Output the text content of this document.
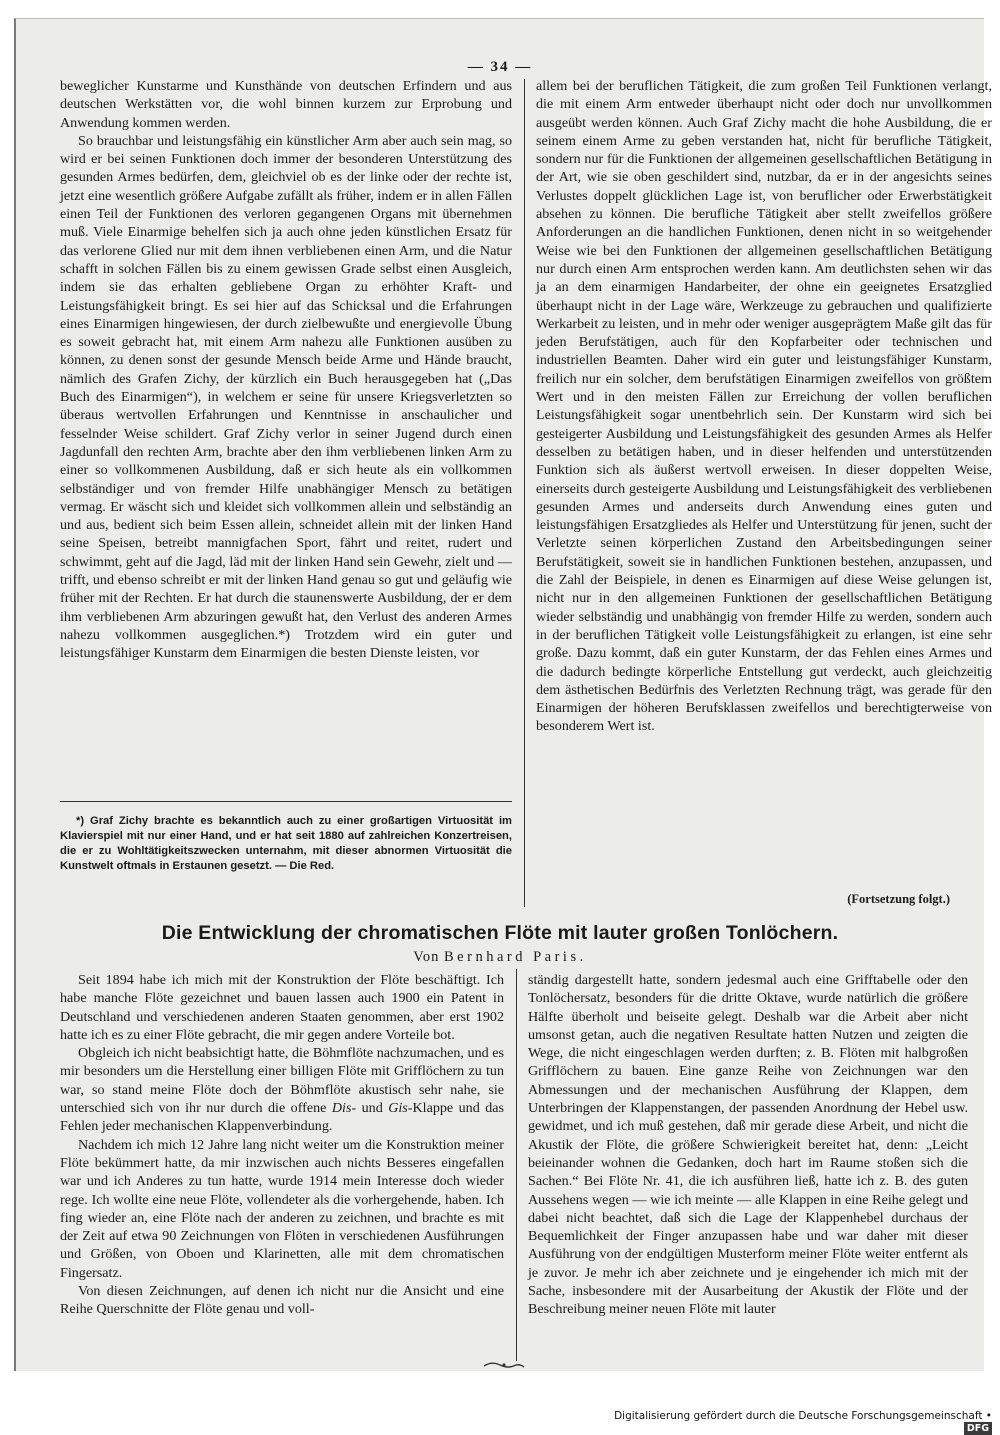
— 34 —

beweglicher Kunstarme und Kunsthände von deutschen Erfindern und aus deutschen Werkstätten vor, die wohl binnen kurzem zur Erprobung und Anwendung kommen werden.

So brauchbar und leistungsfähig ein künstlicher Arm aber auch sein mag, so wird er bei seinen Funktionen doch immer der besonderen Unterstützung des gesunden Armes bedürfen, dem, gleichviel ob es der linke oder der rechte ist, jetzt eine wesentlich größere Aufgabe zufällt als früher, indem er in allen Fällen einen Teil der Funktionen des verloren gegangenen Organs mit übernehmen muß. Viele Einarmige behelfen sich ja auch ohne jeden künstlichen Ersatz für das verlorene Glied nur mit dem ihnen verbliebenen einen Arm, und die Natur schafft in solchen Fällen bis zu einem gewissen Grade selbst einen Ausgleich, indem sie das erhalten gebliebene Organ zu erhöhter Kraft- und Leistungsfähigkeit bringt. Es sei hier auf das Schicksal und die Erfahrungen eines Einarmigen hingewiesen, der durch zielbewußte und energievolle Übung es soweit gebracht hat, mit einem Arm nahezu alle Funktionen ausüben zu können, zu denen sonst der gesunde Mensch beide Arme und Hände braucht, nämlich des Grafen Zichy, der kürzlich ein Buch herausgegeben hat („Das Buch des Einarmigen“), in welchem er seine für unsere Kriegsverletzten so überaus wertvollen Erfahrungen und Kenntnisse in anschaulicher und fesselnder Weise schildert. Graf Zichy verlor in seiner Jugend durch einen Jagdunfall den rechten Arm, brachte aber den ihm verbliebenen linken Arm zu einer so vollkommenen Ausbildung, daß er sich heute als ein vollkommen selbständiger und von fremder Hilfe unabhängiger Mensch zu betätigen vermag. Er wäscht sich und kleidet sich vollkommen allein und selbständig an und aus, bedient sich beim Essen allein, schneidet allein mit der linken Hand seine Speisen, betreibt mannigfachen Sport, fährt und reitet, rudert und schwimmt, geht auf die Jagd, läd mit der linken Hand sein Gewehr, zielt und — trifft, und ebenso schreibt er mit der linken Hand genau so gut und geläufig wie früher mit der Rechten. Er hat durch die staunenswerte Ausbildung, der er dem ihm verbliebenen Arm abzuringen gewußt hat, den Verlust des anderen Armes nahezu vollkommen ausgeglichen.*) Trotzdem wird ein guter und leistungsfähiger Kunstarm dem Einarmigen die besten Dienste leisten, vor

*) Graf Zichy brachte es bekanntlich auch zu einer großartigen Virtuosität im Klavierspiel mit nur einer Hand, und er hat seit 1880 auf zahlreichen Konzertreisen, die er zu Wohltätigkeitszwecken unternahm, mit dieser abnormen Virtuosität die Kunstwelt oftmals in Erstaunen gesetzt. — Die Red.

allem bei der beruflichen Tätigkeit, die zum großen Teil Funktionen verlangt, die mit einem Arm entweder überhaupt nicht oder doch nur unvollkommen ausgeübt werden können. Auch Graf Zichy macht die hohe Ausbildung, die er seinem einem Arme zu geben verstanden hat, nicht für berufliche Tätigkeit, sondern nur für die Funktionen der allgemeinen gesellschaftlichen Betätigung in der Art, wie sie oben geschildert sind, nutzbar, da er in der angesichts seines Verlustes doppelt glücklichen Lage ist, von beruflicher oder Erwerbstätigkeit absehen zu können. Die berufliche Tätigkeit aber stellt zweifellos größere Anforderungen an die handlichen Funktionen, denen nicht in so weitgehender Weise wie bei den Funktionen der allgemeinen gesellschaftlichen Betätigung nur durch einen Arm entsprochen werden kann. Am deutlichsten sehen wir das ja an dem einarmigen Handarbeiter, der ohne ein geeignetes Ersatzglied überhaupt nicht in der Lage wäre, Werkzeuge zu gebrauchen und qualifizierte Werkarbeit zu leisten, und in mehr oder weniger ausgeprägtem Maße gilt das für jeden Berufstätigen, auch für den Kopfarbeiter oder technischen und industriellen Beamten. Daher wird ein guter und leistungsfähiger Kunstarm, freilich nur ein solcher, dem berufstätigen Einarmigen zweifellos von größtem Wert und in den meisten Fällen zur Erreichung der vollen beruflichen Leistungsfähigkeit sogar unentbehrlich sein. Der Kunstarm wird sich bei gesteigerter Ausbildung und Leistungsfähigkeit des gesunden Armes als Helfer desselben zu betätigen haben, und in dieser helfenden und unterstützenden Funktion sich als äußerst wertvoll erweisen. In dieser doppelten Weise, einerseits durch gesteigerte Ausbildung und Leistungsfähigkeit des verbliebenen gesunden Armes und anderseits durch Anwendung eines guten und leistungsfähigen Ersatzgliedes als Helfer und Unterstützung für jenen, sucht der Verletzte seinen körperlichen Zustand den Arbeitsbedingungen seiner Berufstätigkeit, soweit sie in handlichen Funktionen bestehen, anzupassen, und die Zahl der Beispiele, in denen es Einarmigen auf diese Weise gelungen ist, nicht nur in den allgemeinen Funktionen der gesellschaftlichen Betätigung wieder selbständig und unabhängig von fremder Hilfe zu werden, sondern auch in der beruflichen Tätigkeit volle Leistungsfähigkeit zu erlangen, ist eine sehr große. Dazu kommt, daß ein guter Kunstarm, der das Fehlen eines Armes und die dadurch bedingte körperliche Entstellung gut verdeckt, auch gleichzeitig dem ästhetischen Bedürfnis des Verletzten Rechnung trägt, was gerade für den Einarmigen der höheren Berufsklassen zweifellos und berechtigterweise von besonderem Wert ist.

(Fortsetzung folgt.)
Die Entwicklung der chromatischen Flöte mit lauter großen Tonlöchern.
Von Bernhard Paris.

Seit 1894 habe ich mich mit der Konstruktion der Flöte beschäftigt. Ich habe manche Flöte gezeichnet und bauen lassen auch 1900 ein Patent in Deutschland und verschiedenen anderen Staaten genommen, aber erst 1902 hatte ich es zu einer Flöte gebracht, die mir gegen andere Vorteile bot.

Obgleich ich nicht beabsichtigt hatte, die Böhmflöte nachzumachen, und es mir besonders um die Herstellung einer billigen Flöte mit Grifflöchern zu tun war, so stand meine Flöte doch der Böhmflöte akustisch sehr nahe, sie unterschied sich von ihr nur durch die offene Dis- und Gis-Klappe und das Fehlen jeder mechanischen Klappenverbindung.

Nachdem ich mich 12 Jahre lang nicht weiter um die Konstruktion meiner Flöte bekümmert hatte, da mir inzwischen auch nichts Besseres eingefallen war und ich Anderes zu tun hatte, wurde 1914 mein Interesse doch wieder rege. Ich wollte eine neue Flöte, vollendeter als die vorhergehende, haben. Ich fing wieder an, eine Flöte nach der anderen zu zeichnen, und brachte es mit der Zeit auf etwa 90 Zeichnungen von Flöten in verschiedenen Ausführungen und Größen, von Oboen und Klarinetten, alle mit dem chromatischen Fingersatz.

Von diesen Zeichnungen, auf denen ich nicht nur die Ansicht und eine Reihe Querschnitte der Flöte genau und voll-

ständig dargestellt hatte, sondern jedesmal auch eine Grifftabelle oder den Tonlöchersatz, besonders für die dritte Oktave, wurde natürlich die größere Hälfte überholt und beiseite gelegt. Deshalb war die Arbeit aber nicht umsonst getan, auch die negativen Resultate hatten Nutzen und zeigten die Wege, die nicht eingeschlagen werden durften; z. B. Flöten mit halbgroßen Grifflöchern zu bauen. Eine ganze Reihe von Zeichnungen war den Abmessungen und der mechanischen Ausführung der Klappen, dem Unterbringen der Klappenstangen, der passenden Anordnung der Hebel usw. gewidmet, und ich muß gestehen, daß mir gerade diese Arbeit, und nicht die Akustik der Flöte, die größere Schwierigkeit bereitet hat, denn: „Leicht beieinander wohnen die Gedanken, doch hart im Raume stoßen sich die Sachen.“ Bei Flöte Nr. 41, die ich ausführen ließ, hatte ich z. B. des guten Aussehens wegen — wie ich meinte — alle Klappen in eine Reihe gelegt und dabei nicht beachtet, daß sich die Lage der Klappenhebel durchaus der Bequemlichkeit der Finger anzupassen habe und war daher mit dieser Ausführung von der endgültigen Musterform meiner Flöte weiter entfernt als je zuvor. Je mehr ich aber zeichnete und je eingehender ich mich mit der Sache, insbesondere mit der Ausarbeitung der Akustik der Flöte und der Beschreibung meiner neuen Flöte mit lauter

Digitalisierung gefördert durch die Deutsche Forschungsgemeinschaft •DFG
